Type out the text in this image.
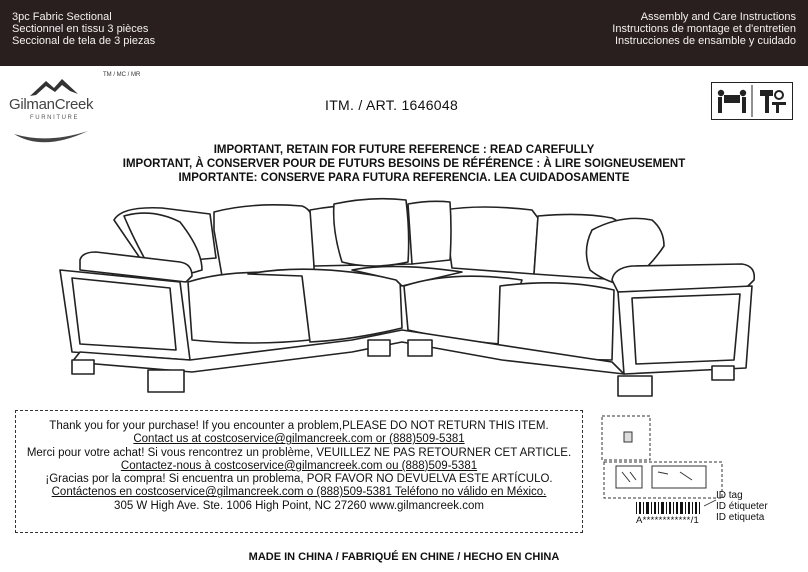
3pc Fabric Sectional
Sectionnel en tissu 3 pièces
Seccional de tela de 3 piezas
Assembly and Care Instructions
Instructions de montage et d'entretien
Instrucciones de ensamble y cuidado
GilmanCreek
FURNITURE
TM / MC / MR
ITM. / ART. 1646048
IMPORTANT, RETAIN FOR FUTURE REFERENCE : READ CAREFULLY
IMPORTANT, À CONSERVER POUR DE FUTURS BESOINS DE RÉFÉRENCE : À LIRE SOIGNEUSEMENT
IMPORTANTE: CONSERVE PARA FUTURA REFERENCIA. LEA CUIDADOSAMENTE
Thank you for your purchase! If you encounter a problem,PLEASE DO NOT RETURN THIS ITEM.
Contact us at costcoservice@gilmancreek.com or (888)509-5381
Merci pour votre achat! Si vous rencontrez un problème, VEUILLEZ NE PAS RETOURNER CET ARTICLE.
Contactez-nous à costcoservice@gilmancreek.com ou (888)509-5381
¡Gracias por la compra! Si encuentra un problema, POR FAVOR NO DEVUELVA ESTE ARTÍCULO.
Contáctenos en costcoservice@gilmancreek.com o (888)509-5381 Teléfono no válido en México.
305 W High Ave. Ste. 1006 High Point, NC 27260 www.gilmancreek.com
ID tag
ID étiqueter
ID etiqueta
A************/1
MADE IN CHINA / FABRIQUÉ EN CHINE / HECHO EN CHINA
